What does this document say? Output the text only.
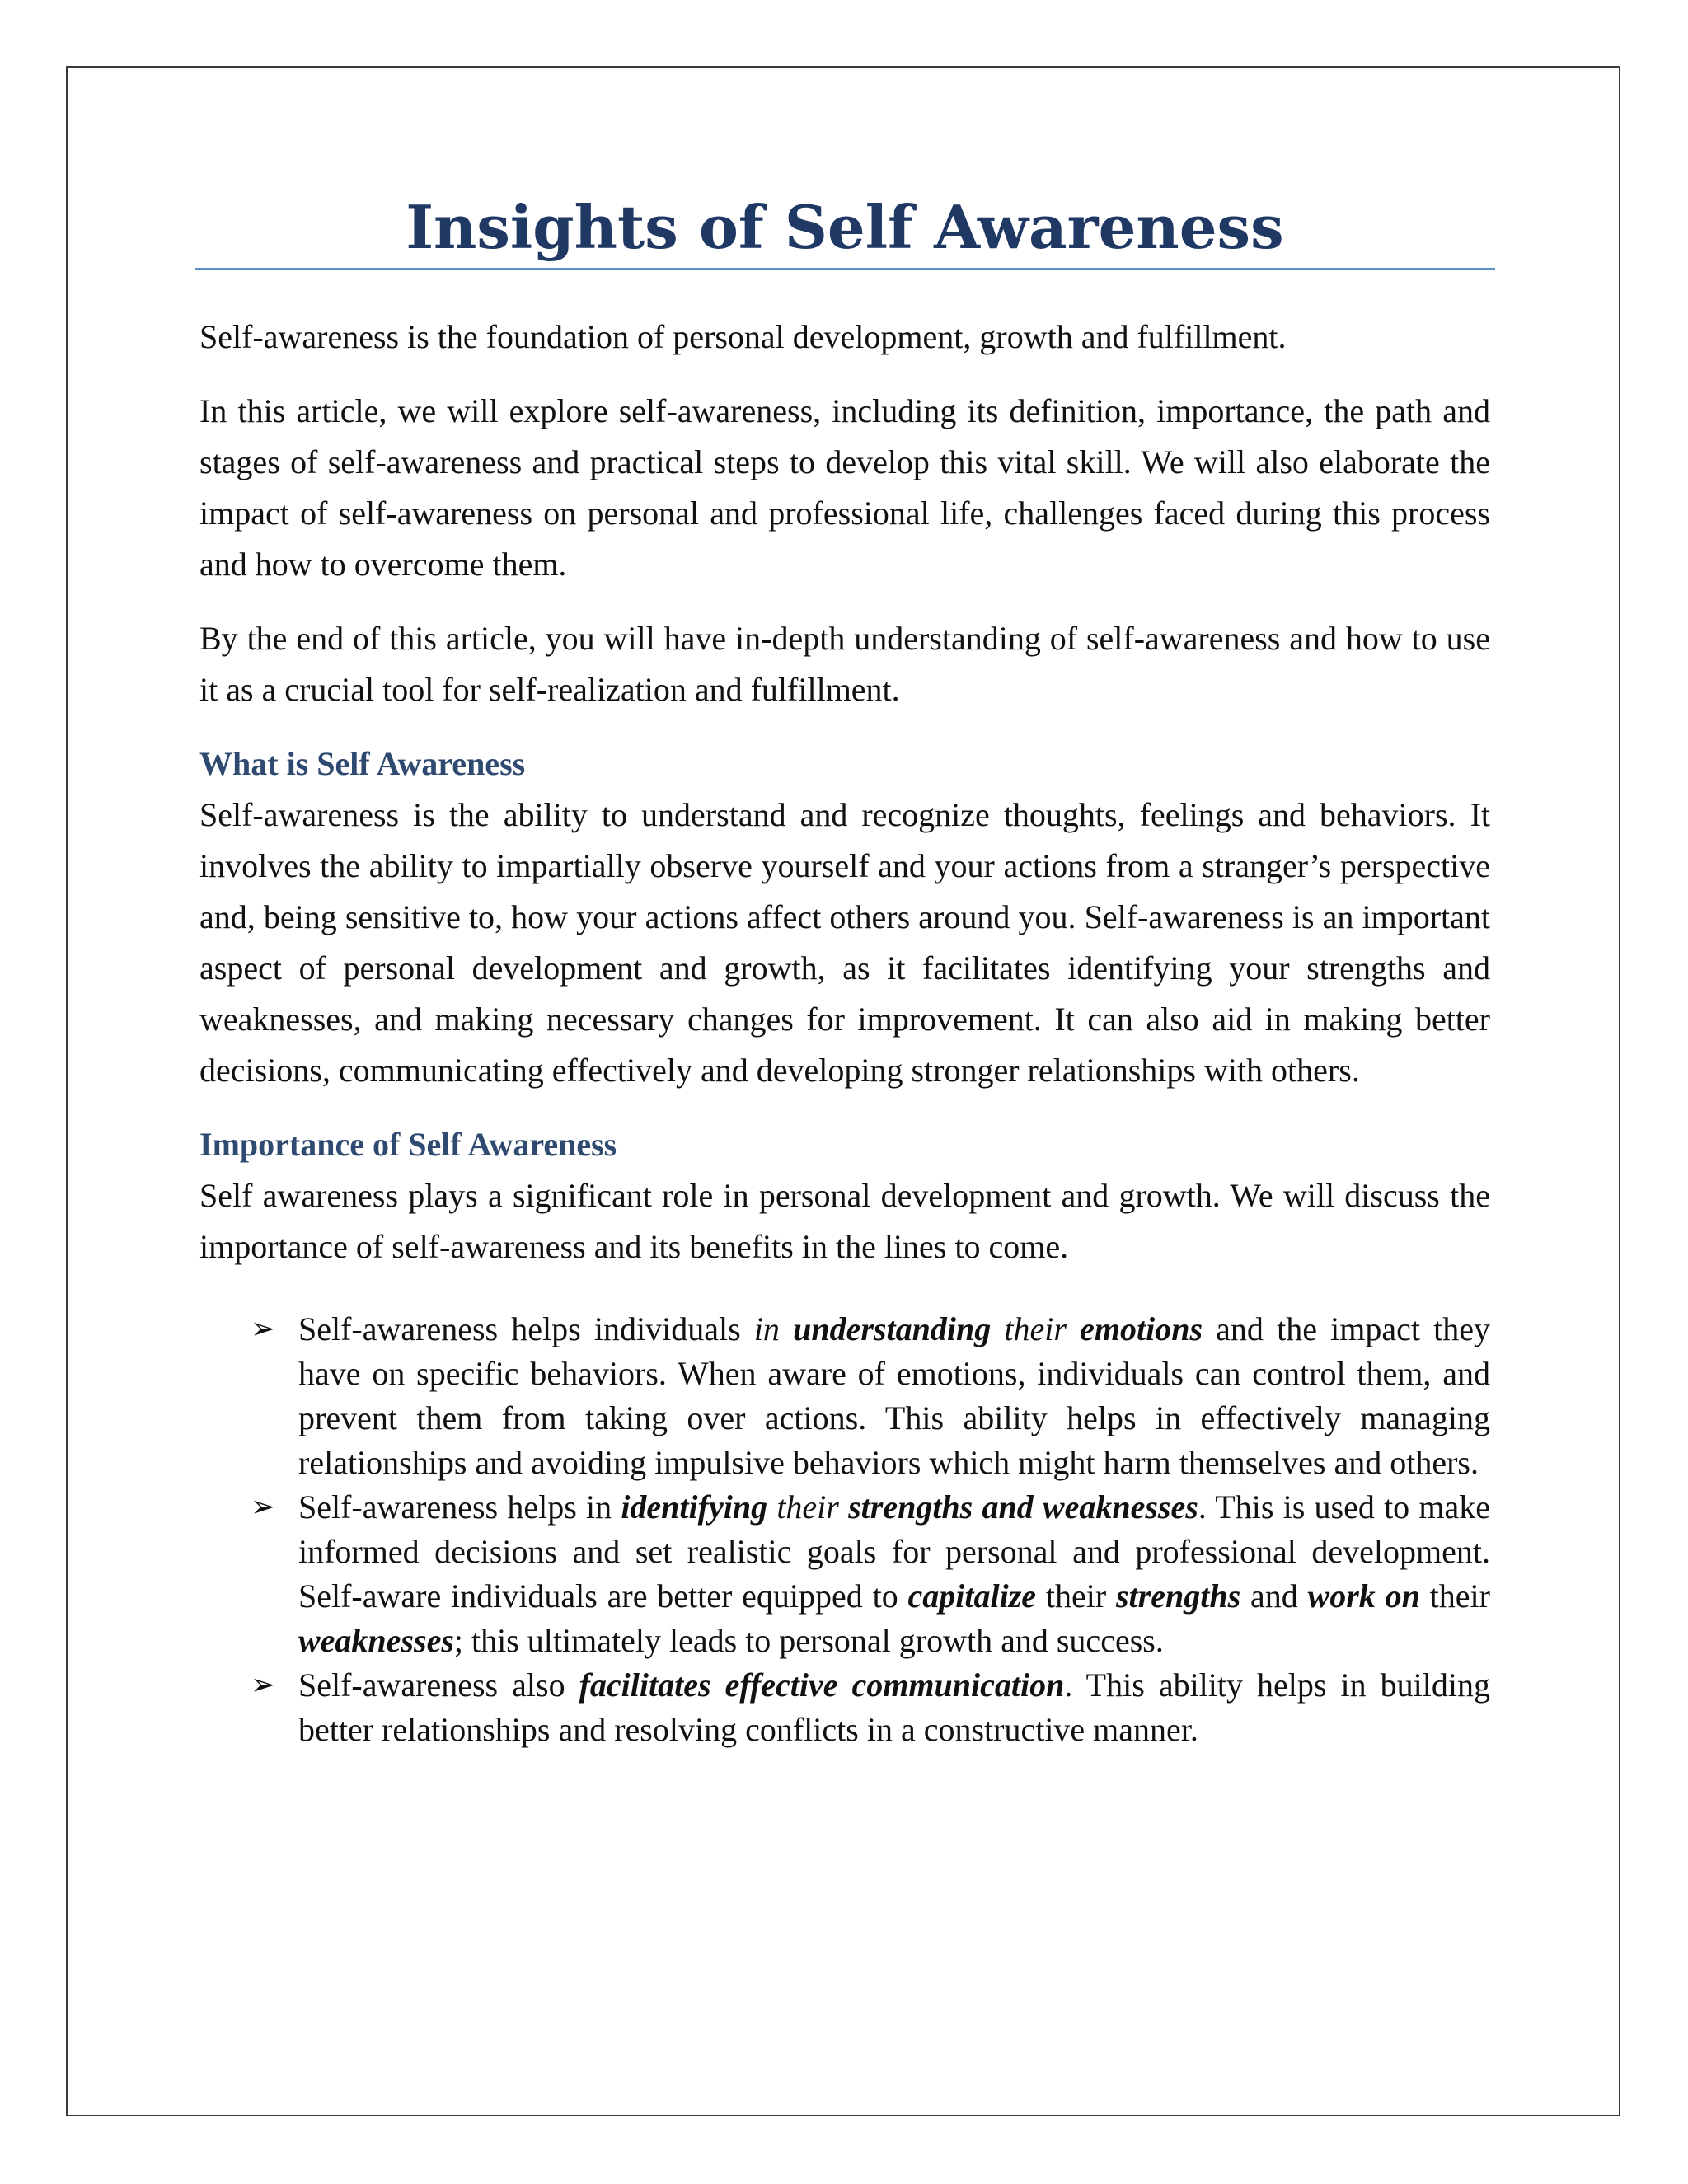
Insights of Self Awareness

Self-awareness is the foundation of personal development, growth and fulfillment.

In this article, we will explore self-awareness, including its definition, importance, the path and stages of self-awareness and practical steps to develop this vital skill. We will also elaborate the impact of self-awareness on personal and professional life, challenges faced during this process and how to overcome them.

By the end of this article, you will have in-depth understanding of self-awareness and how to use it as a crucial tool for self-realization and fulfillment.

What is Self Awareness

Self-awareness is the ability to understand and recognize thoughts, feelings and behaviors. It involves the ability to impartially observe yourself and your actions from a stranger’s perspective and, being sensitive to, how your actions affect others around you. Self-awareness is an important aspect of personal development and growth, as it facilitates identifying your strengths and weaknesses, and making necessary changes for improvement. It can also aid in making better decisions, communicating effectively and developing stronger relationships with others.

Importance of Self Awareness

Self awareness plays a significant role in personal development and growth. We will discuss the importance of self-awareness and its benefits in the lines to come.

➢ Self-awareness helps individuals in understanding their emotions and the impact they have on specific behaviors. When aware of emotions, individuals can control them, and prevent them from taking over actions. This ability helps in effectively managing relationships and avoiding impulsive behaviors which might harm themselves and others.
➢ Self-awareness helps in identifying their strengths and weaknesses. This is used to make informed decisions and set realistic goals for personal and professional development. Self-aware individuals are better equipped to capitalize their strengths and work on their weaknesses; this ultimately leads to personal growth and success.
➢ Self-awareness also facilitates effective communication. This ability helps in building better relationships and resolving conflicts in a constructive manner.
